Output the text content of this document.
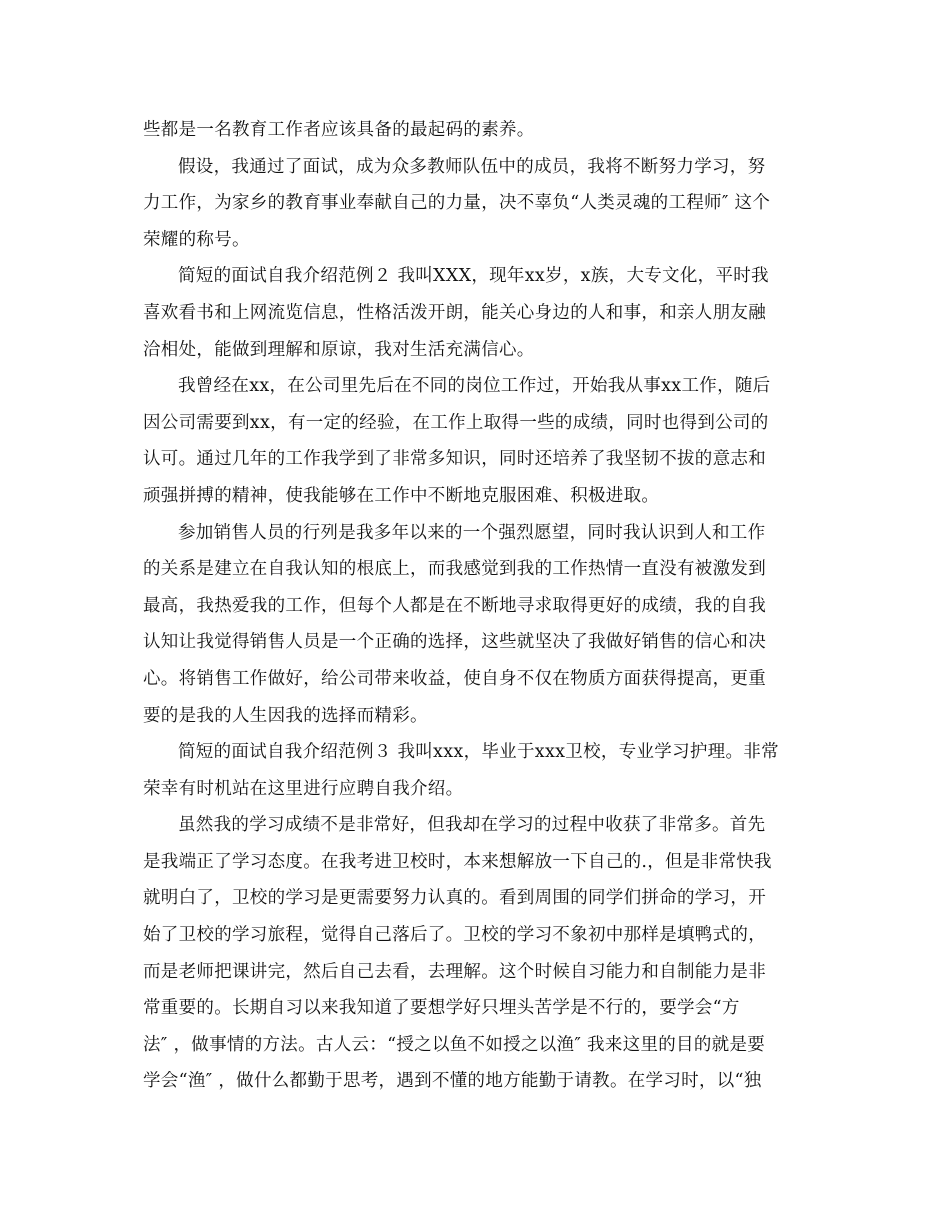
些都是一名教育工作者应该具备的最起码的素养。
假设，我通过了面试，成为众多教师队伍中的成员，我将不断努力学习，努
力工作，为家乡的教育事业奉献自己的力量，决不辜负“人类灵魂的工程师″ 这个
荣耀的称号。
简短的面试自我介绍范例２ 我叫XXX，现年xx岁，x族，大专文化，平时我
喜欢看书和上网流览信息，性格活泼开朗，能关心身边的人和事，和亲人朋友融
洽相处，能做到理解和原谅，我对生活充满信心。
我曾经在xx，在公司里先后在不同的岗位工作过，开始我从事xx工作，随后
因公司需要到xx，有一定的经验，在工作上取得一些的成绩，同时也得到公司的
认可。通过几年的工作我学到了非常多知识，同时还培养了我坚韧不拔的意志和
顽强拼搏的精神，使我能够在工作中不断地克服困难、积极进取。
参加销售人员的行列是我多年以来的一个强烈愿望，同时我认识到人和工作
的关系是建立在自我认知的根底上，而我感觉到我的工作热情一直没有被激发到
最高，我热爱我的工作，但每个人都是在不断地寻求取得更好的成绩，我的自我
认知让我觉得销售人员是一个正确的选择，这些就坚决了我做好销售的信心和决
心。将销售工作做好，给公司带来收益，使自身不仅在物质方面获得提高，更重
要的是我的人生因我的选择而精彩。
简短的面试自我介绍范例３ 我叫xxx，毕业于xxx卫校，专业学习护理。非常
荣幸有时机站在这里进行应聘自我介绍。
虽然我的学习成绩不是非常好，但我却在学习的过程中收获了非常多。首先
是我端正了学习态度。在我考进卫校时，本来想解放一下自己的.，但是非常快我
就明白了，卫校的学习是更需要努力认真的。看到周围的同学们拼命的学习，开
始了卫校的学习旅程，觉得自己落后了。卫校的学习不象初中那样是填鸭式的，
而是老师把课讲完，然后自己去看，去理解。这个时候自习能力和自制能力是非
常重要的。长期自习以来我知道了要想学好只埋头苦学是不行的，要学会“方
法″ ，做事情的方法。古人云：“授之以鱼不如授之以渔″ 我来这里的目的就是要
学会“渔″ ，做什么都勤于思考，遇到不懂的地方能勤于请教。在学习时，以“独
